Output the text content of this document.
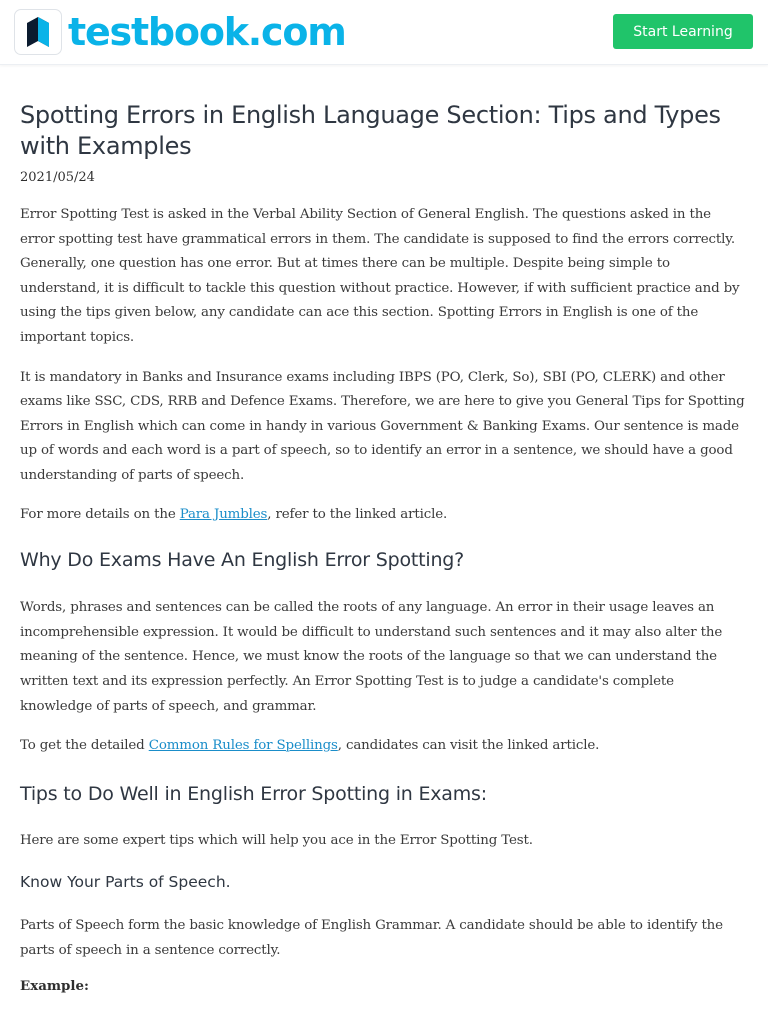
testbook.com	Start Learning
Spotting Errors in English Language Section: Tips and Types with Examples
2021/05/24

Error Spotting Test is asked in the Verbal Ability Section of General English. The questions asked in the error spotting test have grammatical errors in them. The candidate is supposed to find the errors correctly. Generally, one question has one error. But at times there can be multiple. Despite being simple to understand, it is difficult to tackle this question without practice. However, if with sufficient practice and by using the tips given below, any candidate can ace this section. Spotting Errors in English is one of the important topics.

It is mandatory in Banks and Insurance exams including IBPS (PO, Clerk, So), SBI (PO, CLERK) and other exams like SSC, CDS, RRB and Defence Exams. Therefore, we are here to give you General Tips for Spotting Errors in English which can come in handy in various Government & Banking Exams. Our sentence is made up of words and each word is a part of speech, so to identify an error in a sentence, we should have a good understanding of parts of speech.

For more details on the Para Jumbles, refer to the linked article.

Why Do Exams Have An English Error Spotting?

Words, phrases and sentences can be called the roots of any language. An error in their usage leaves an incomprehensible expression. It would be difficult to understand such sentences and it may also alter the meaning of the sentence. Hence, we must know the roots of the language so that we can understand the written text and its expression perfectly. An Error Spotting Test is to judge a candidate's complete knowledge of parts of speech, and grammar.

To get the detailed Common Rules for Spellings, candidates can visit the linked article.

Tips to Do Well in English Error Spotting in Exams:

Here are some expert tips which will help you ace in the Error Spotting Test.

Know Your Parts of Speech.

Parts of Speech form the basic knowledge of English Grammar. A candidate should be able to identify the parts of speech in a sentence correctly.

Example:
